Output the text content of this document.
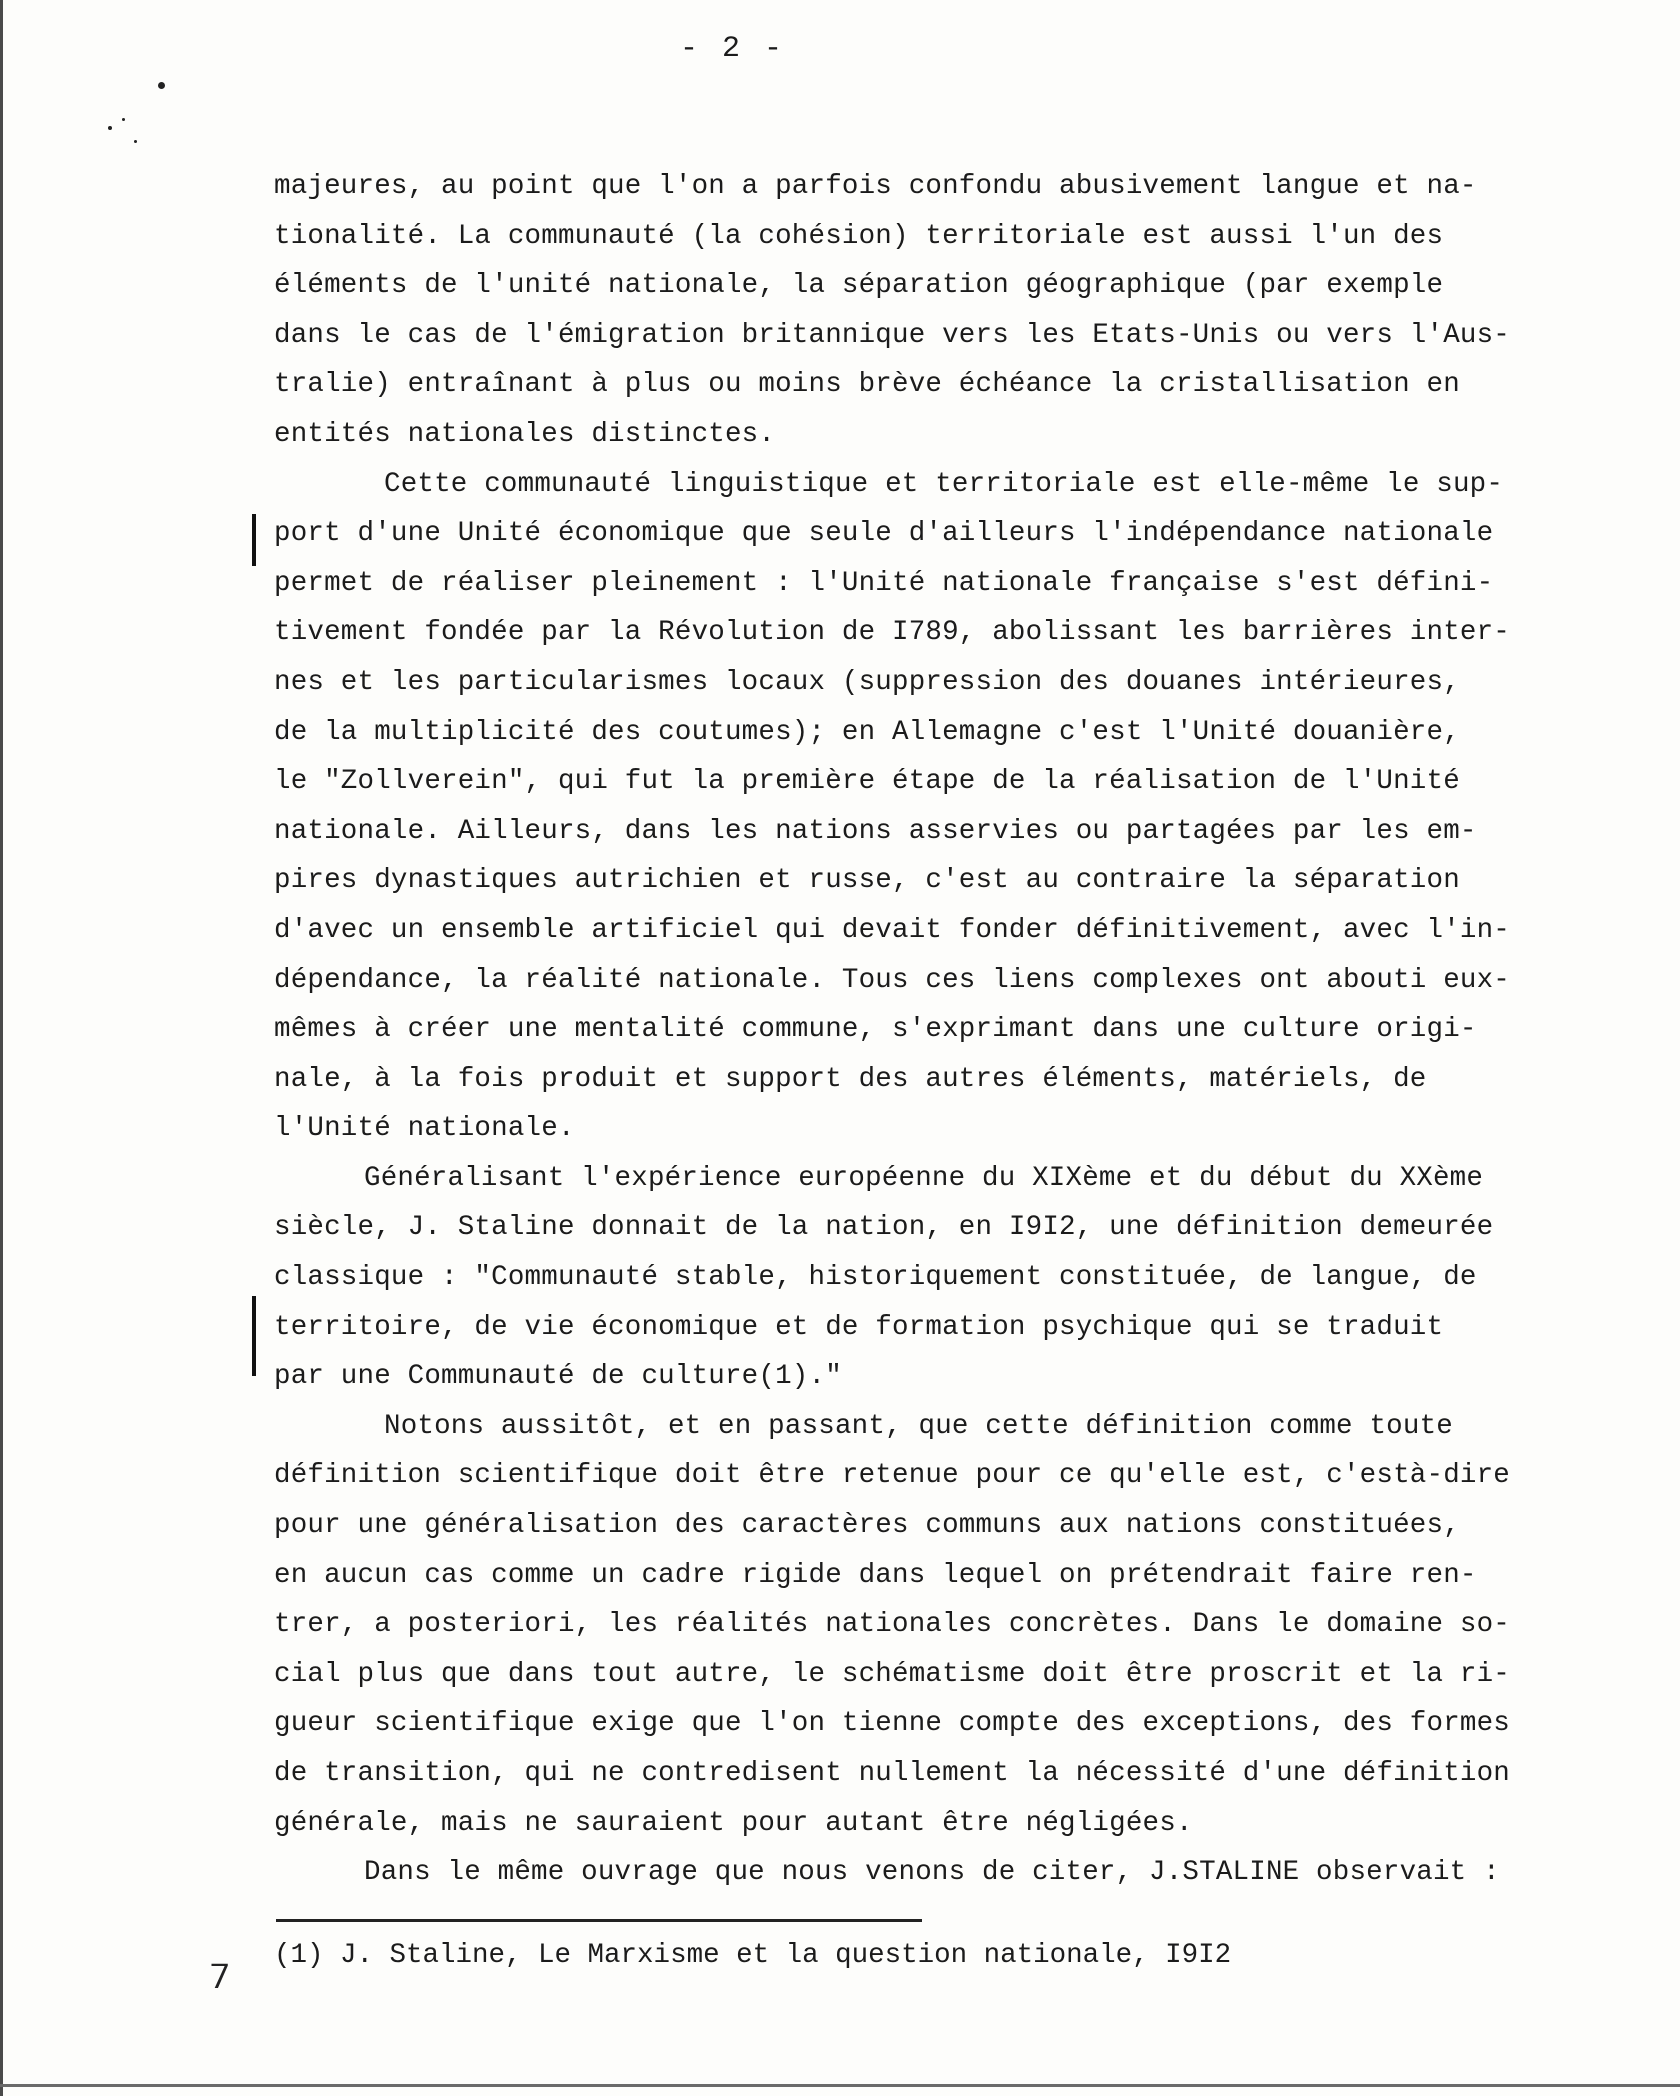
- 2 -
majeures, au point que l'on a parfois confondu abusivement langue et na-
tionalité. La communauté (la cohésion) territoriale est aussi l'un des
éléments de l'unité nationale, la séparation géographique (par exemple
dans le cas de l'émigration britannique vers les Etats-Unis ou vers l'Aus-
tralie) entraînant à plus ou moins brève échéance la cristallisation en
entités nationales distinctes.
Cette communauté linguistique et territoriale est elle-même le sup-
port d'une Unité économique que seule d'ailleurs l'indépendance nationale
permet de réaliser pleinement : l'Unité nationale française s'est défini-
tivement fondée par la Révolution de I789, abolissant les barrières inter-
nes et les particularismes locaux (suppression des douanes intérieures,
de la multiplicité des coutumes); en Allemagne c'est l'Unité douanière,
le "Zollverein", qui fut la première étape de la réalisation de l'Unité
nationale. Ailleurs, dans les nations asservies ou partagées par les em-
pires dynastiques autrichien et russe, c'est au contraire la séparation
d'avec un ensemble artificiel qui devait fonder définitivement, avec l'in-
dépendance, la réalité nationale. Tous ces liens complexes ont abouti eux-
mêmes à créer une mentalité commune, s'exprimant dans une culture origi-
nale, à la fois produit et support des autres éléments, matériels, de
l'Unité nationale.
Généralisant l'expérience européenne du XIXème et du début du XXème
siècle, J. Staline donnait de la nation, en I9I2, une définition demeurée
classique : "Communauté stable, historiquement constituée, de langue, de
territoire, de vie économique et de formation psychique qui se traduit
par une Communauté de culture(1)."
Notons aussitôt, et en passant, que cette définition comme toute
définition scientifique doit être retenue pour ce qu'elle est, c'està-dire
pour une généralisation des caractères communs aux nations constituées,
en aucun cas comme un cadre rigide dans lequel on prétendrait faire ren-
trer, a posteriori, les réalités nationales concrètes. Dans le domaine so-
cial plus que dans tout autre, le schématisme doit être proscrit et la ri-
gueur scientifique exige que l'on tienne compte des exceptions, des formes
de transition, qui ne contredisent nullement la nécessité d'une définition
générale, mais ne sauraient pour autant être négligées.
Dans le même ouvrage que nous venons de citer, J.STALINE observait :
⹒
(1) J. Staline, Le Marxisme et la question nationale, I9I2
